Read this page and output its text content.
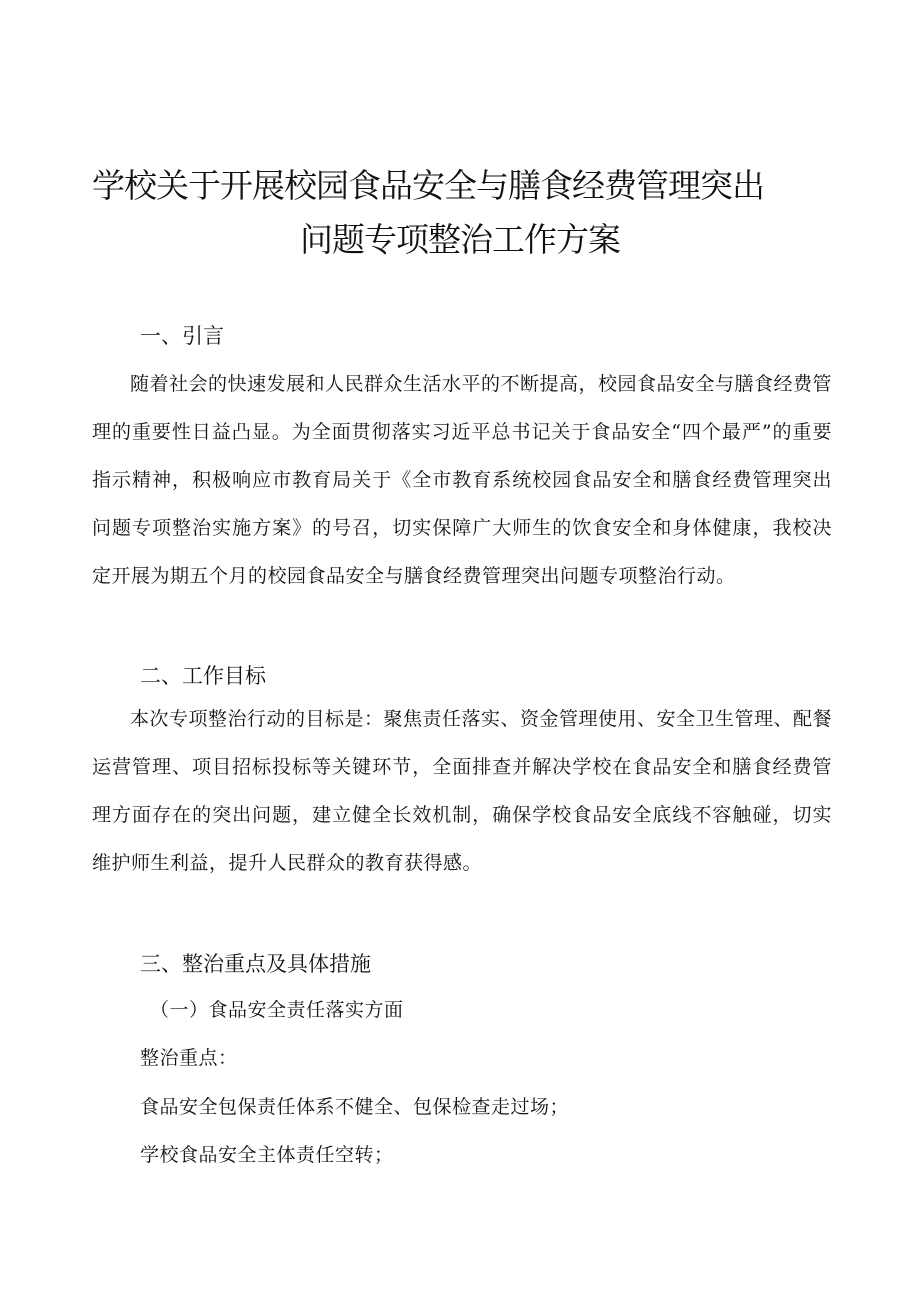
学校关于开展校园食品安全与膳食经费管理突出
问题专项整治工作方案
一、引言
随着社会的快速发展和人民群众生活水平的不断提高，校园食品安全与膳食经费管理的重要性日益凸显。为全面贯彻落实习近平总书记关于食品安全“四个最严”的重要指示精神，积极响应市教育局关于《全市教育系统校园食品安全和膳食经费管理突出问题专项整治实施方案》的号召，切实保障广大师生的饮食安全和身体健康，我校决定开展为期五个月的校园食品安全与膳食经费管理突出问题专项整治行动。
二、工作目标
本次专项整治行动的目标是：聚焦责任落实、资金管理使用、安全卫生管理、配餐运营管理、项目招标投标等关键环节，全面排查并解决学校在食品安全和膳食经费管理方面存在的突出问题，建立健全长效机制，确保学校食品安全底线不容触碰，切实维护师生利益，提升人民群众的教育获得感。
三、整治重点及具体措施
（一）食品安全责任落实方面
整治重点：
食品安全包保责任体系不健全、包保检查走过场；
学校食品安全主体责任空转；
